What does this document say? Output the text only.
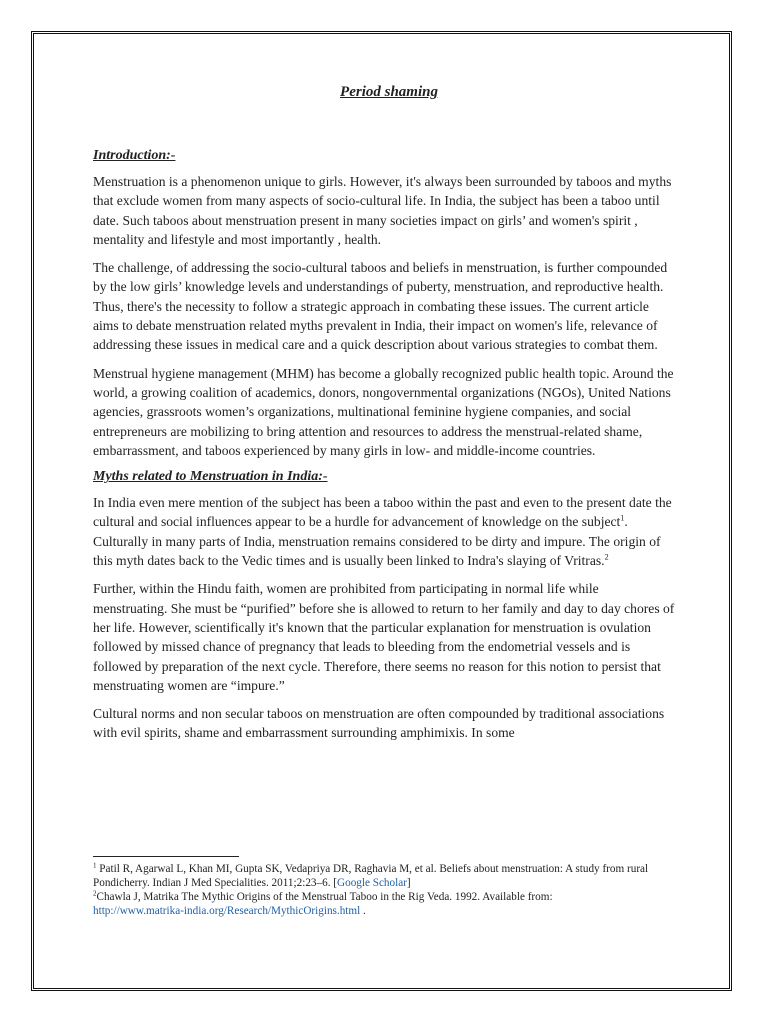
Period shaming
Introduction:-

Menstruation is a phenomenon unique to girls. However, it's always been surrounded by taboos and myths that exclude women from many aspects of socio-cultural life. In India, the subject has been a taboo until date. Such taboos about menstruation present in many societies impact on girls’ and women's spirit , mentality and lifestyle and most importantly , health.

The challenge, of addressing the socio-cultural taboos and beliefs in menstruation, is further compounded by the low girls’ knowledge levels and understandings of puberty, menstruation, and reproductive health. Thus, there's the necessity to follow a strategic approach in combating these issues. The current article aims to debate menstruation related myths prevalent in India, their impact on women's life, relevance of addressing these issues in medical care and a quick description about various strategies to combat them.

Menstrual hygiene management (MHM) has become a globally recognized public health topic. Around the world, a growing coalition of academics, donors, nongovernmental organizations (NGOs), United Nations agencies, grassroots women’s organizations, multinational feminine hygiene companies, and social entrepreneurs are mobilizing to bring attention and resources to address the menstrual-related shame, embarrassment, and taboos experienced by many girls in low- and middle-income countries.

Myths related to Menstruation in India:-

In India even mere mention of the subject has been a taboo within the past and even to the present date the cultural and social influences appear to be a hurdle for advancement of knowledge on the subject$^1$. Culturally in many parts of India, menstruation remains considered to be dirty and impure. The origin of this myth dates back to the Vedic times and is usually been linked to Indra's slaying of Vritras.$^2$

Further, within the Hindu faith, women are prohibited from participating in normal life while menstruating. She must be “purified” before she is allowed to return to her family and day to day chores of her life. However, scientifically it's known that the particular explanation for menstruation is ovulation followed by missed chance of pregnancy that leads to bleeding from the endometrial vessels and is followed by preparation of the next cycle. Therefore, there seems no reason for this notion to persist that menstruating women are “impure.”

Cultural norms and non secular taboos on menstruation are often compounded by traditional associations with evil spirits, shame and embarrassment surrounding amphimixis. In some

$^1$ Patil R, Agarwal L, Khan MI, Gupta SK, Vedapriya DR, Raghavia M, et al. Beliefs about menstruation: A study from rural Pondicherry. Indian J Med Specialities. 2011;2:23–6. [Google Scholar]

$^2$Chawla J, Matrika The Mythic Origins of the Menstrual Taboo in the Rig Veda. 1992. Available from:
http://www.matrika-india.org/Research/MythicOrigins.html .
